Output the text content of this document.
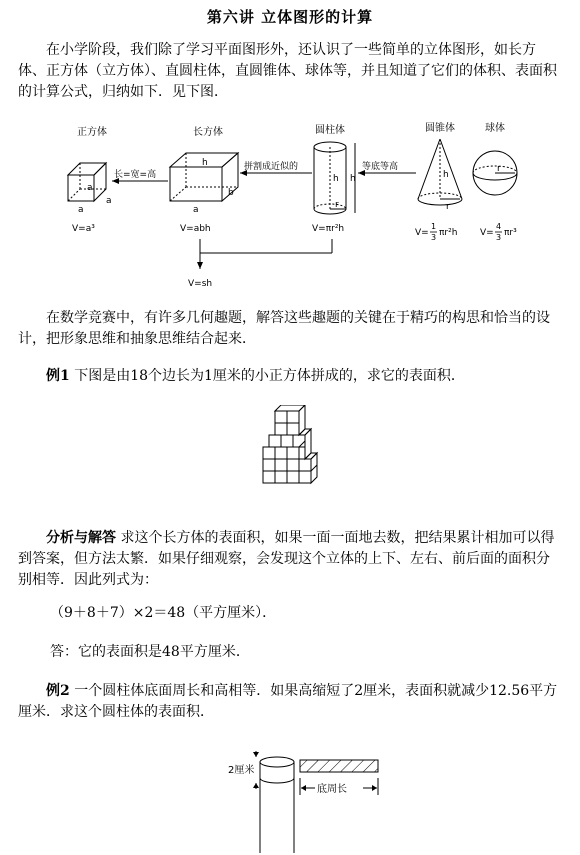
第六讲 立体图形的计算
在小学阶段，我们除了学习平面图形外，还认识了一些简单的立体图形，如长方体、正方体（立方体）、直圆柱体，直圆锥体、球体等，并且知道了它们的体积、表面积的计算公式，归纳如下．见下图．
正方体	长方体	圆柱体	圆锥体	球体
a
a
a
V=a³
长=宽=高
h
b
a
V=abh
拼割成近似的
h h
r
V=πr²h
等底等高
h
r
V=
1
3 πr²h
r
V=
4
3 πr³
V=sh
在数学竞赛中，有许多几何趣题，解答这些趣题的关键在于精巧的构思和恰当的设计，把形象思维和抽象思维结合起来．
例1 下图是由18个边长为1厘米的小正方体拼成的，求它的表面积．
分析与解答 求这个长方体的表面积，如果一面一面地去数，把结果累计相加可以得到答案，但方法太繁．如果仔细观察，会发现这个立体的上下、左右、前后面的面积分别相等．因此列式为：
（9＋8＋7）×2＝48（平方厘米）．
答：它的表面积是48平方厘米．
例2 一个圆柱体底面周长和高相等．如果高缩短了2厘米，表面积就减少12.56平方厘米．求这个圆柱体的表面积．
2厘米
底周长
